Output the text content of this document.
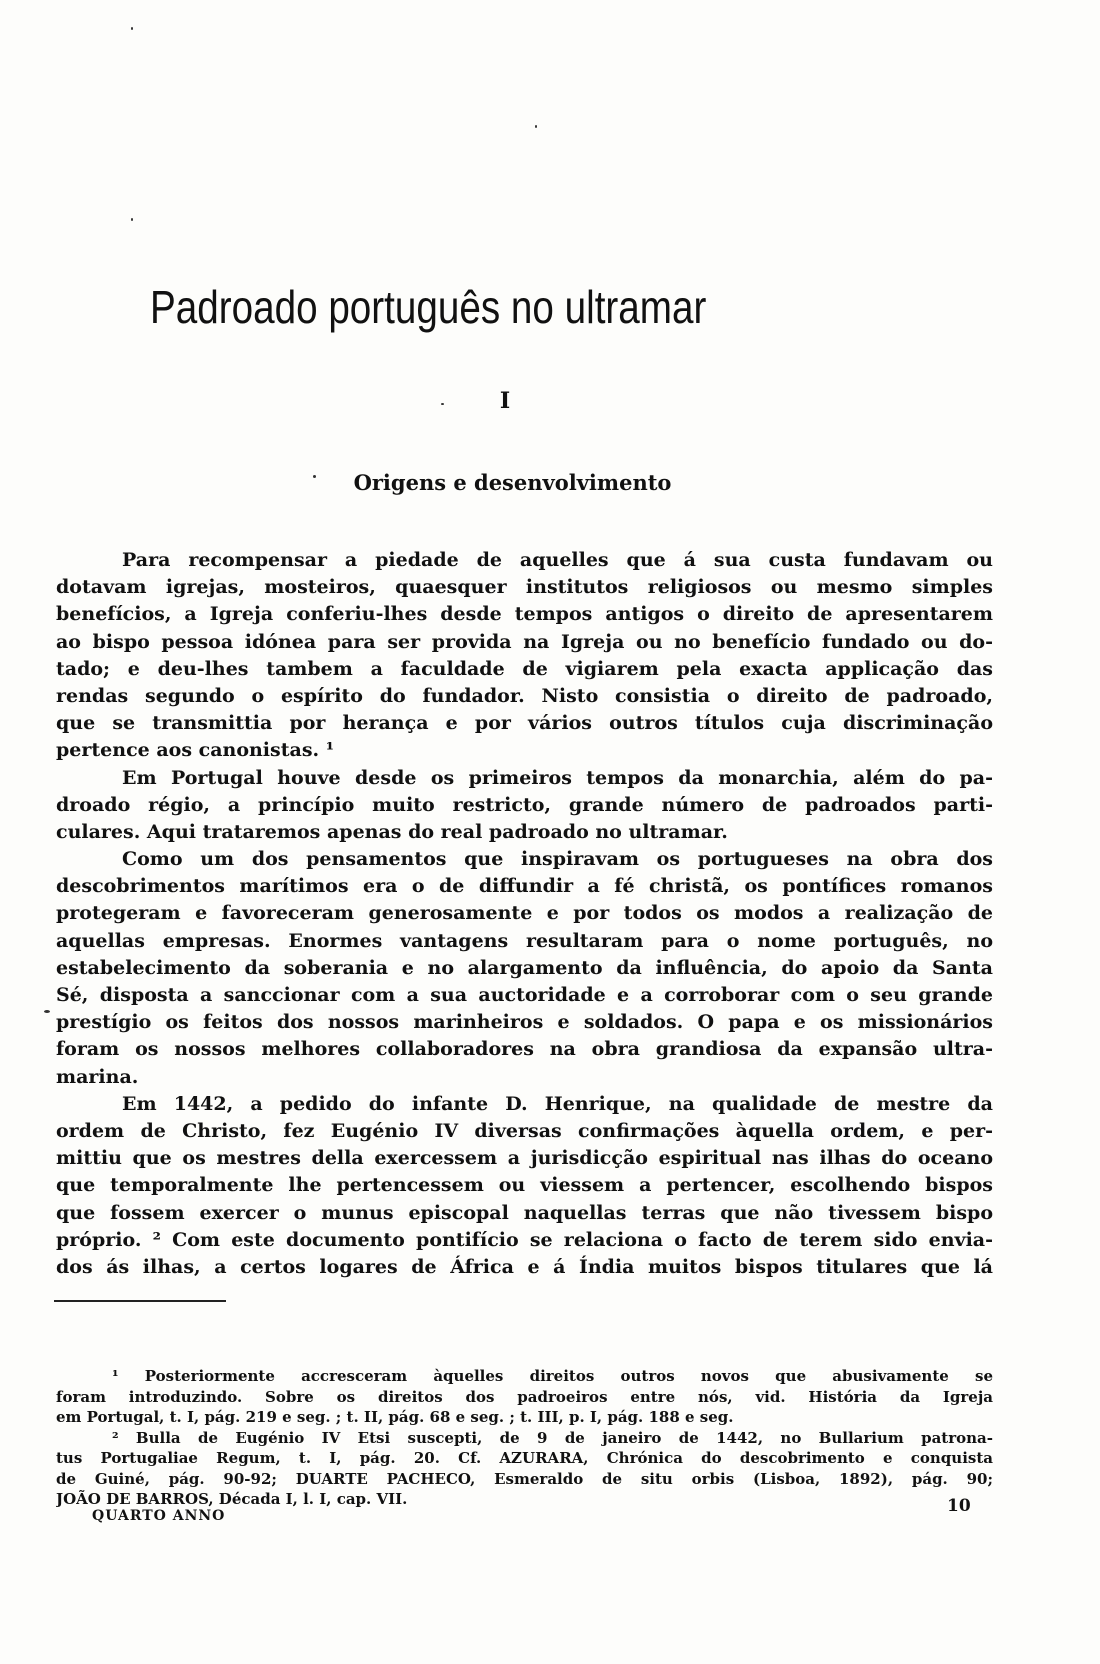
Padroado português no ultramar
I
Origens e desenvolvimento
Para recompensar a piedade de aquelles que á sua custa fundavam ou
dotavam igrejas, mosteiros, quaesquer institutos religiosos ou mesmo simples
benefícios, a Igreja conferiu-lhes desde tempos antigos o direito de apresentarem
ao bispo pessoa idónea para ser provida na Igreja ou no benefício fundado ou do-
tado; e deu-lhes tambem a faculdade de vigiarem pela exacta applicação das
rendas segundo o espírito do fundador. Nisto consistia o direito de padroado,
que se transmittia por herança e por vários outros títulos cuja discriminação
pertence aos canonistas. ¹
Em Portugal houve desde os primeiros tempos da monarchia, além do pa-
droado régio, a princípio muito restricto, grande número de padroados parti-
culares. Aqui trataremos apenas do real padroado no ultramar.
Como um dos pensamentos que inspiravam os portugueses na obra dos
descobrimentos marítimos era o de diffundir a fé christã, os pontífices romanos
protegeram e favoreceram generosamente e por todos os modos a realização de
aquellas empresas. Enormes vantagens resultaram para o nome português, no
estabelecimento da soberania e no alargamento da influência, do apoio da Santa
Sé, disposta a sanccionar com a sua auctoridade e a corroborar com o seu grande
prestígio os feitos dos nossos marinheiros e soldados. O papa e os missionários
foram os nossos melhores collaboradores na obra grandiosa da expansão ultra-
marina.
Em 1442, a pedido do infante D. Henrique, na qualidade de mestre da
ordem de Christo, fez Eugénio IV diversas confirmações àquella ordem, e per-
mittiu que os mestres della exercessem a jurisdicção espiritual nas ilhas do oceano
que temporalmente lhe pertencessem ou viessem a pertencer, escolhendo bispos
que fossem exercer o munus episcopal naquellas terras que não tivessem bispo
próprio. ² Com este documento pontifício se relaciona o facto de terem sido envia-
dos ás ilhas, a certos logares de África e á Índia muitos bispos titulares que lá
¹ Posteriormente accresceram àquelles direitos outros novos que abusivamente se
foram introduzindo. Sobre os direitos dos padroeiros entre nós, vid. História da Igreja
em Portugal, t. I, pág. 219 e seg. ; t. II, pág. 68 e seg. ; t. III, p. I, pág. 188 e seg.
² Bulla de Eugénio IV Etsi suscepti, de 9 de janeiro de 1442, no Bullarium patrona-
tus Portugaliae Regum, t. I, pág. 20. Cf. AZURARA, Chrónica do descobrimento e conquista
de Guiné, pág. 90-92; DUARTE PACHECO, Esmeraldo de situ orbis (Lisboa, 1892), pág. 90;
JOÃO DE BARROS, Década I, l. I, cap. VII.
QUARTO ANNO	10
